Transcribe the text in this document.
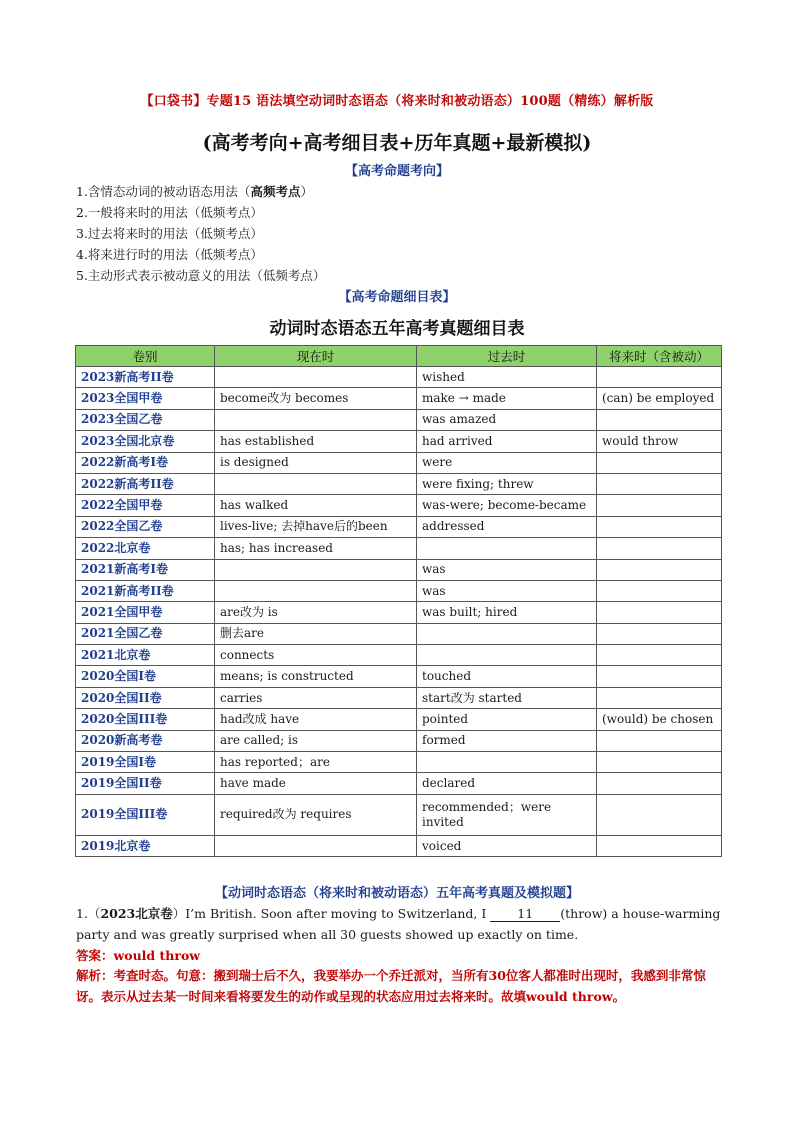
【口袋书】专题15 语法填空动词时态语态（将来时和被动语态）100题（精练）解析版
(高考考向+高考细目表+历年真题+最新模拟)
【高考命题考向】
1.含情态动词的被动语态用法（高频考点）
2.一般将来时的用法（低频考点）
3.过去将来时的用法（低频考点）
4.将来进行时的用法（低频考点）
5.主动形式表示被动意义的用法（低频考点）
【高考命题细目表】
动词时态语态五年高考真题细目表
卷别	现在时	过去时	将来时（含被动）
2023新高考II卷		wished	
2023全国甲卷	become改为 becomes	make → made	(can) be employed
2023全国乙卷		was amazed	
2023全国北京卷	has established	had arrived	would throw
2022新高考I卷	is designed	were	
2022新高考II卷		were fixing; threw	
2022全国甲卷	has walked	was-were; become-became	
2022全国乙卷	lives-live; 去掉have后的been	addressed	
2022北京卷	has; has increased		
2021新高考I卷		was	
2021新高考II卷		was	
2021全国甲卷	are改为 is	was built; hired	
2021全国乙卷	删去are		
2021北京卷	connects		
2020全国I卷	means; is constructed	touched	
2020全国II卷	carries	start改为 started	
2020全国III卷	had改成 have	pointed	(would) be chosen
2020新高考卷	are called; is	formed	
2019全国I卷	has reported；are		
2019全国II卷	have made	declared	
2019全国III卷	required改为 requires	recommended；were invited	
2019北京卷		voiced	
【动词时态语态（将来时和被动语态）五年高考真题及模拟题】
1.（2023北京卷）I’m British. Soon after moving to Switzerland, I 11 (throw) a house-warming party and was greatly surprised when all 30 guests showed up exactly on time.
答案：would throw
解析：考查时态。句意：搬到瑞士后不久，我要举办一个乔迁派对，当所有30位客人都准时出现时，我感到非常惊讶。表示从过去某一时间来看将要发生的动作或呈现的状态应用过去将来时。故填would throw。
